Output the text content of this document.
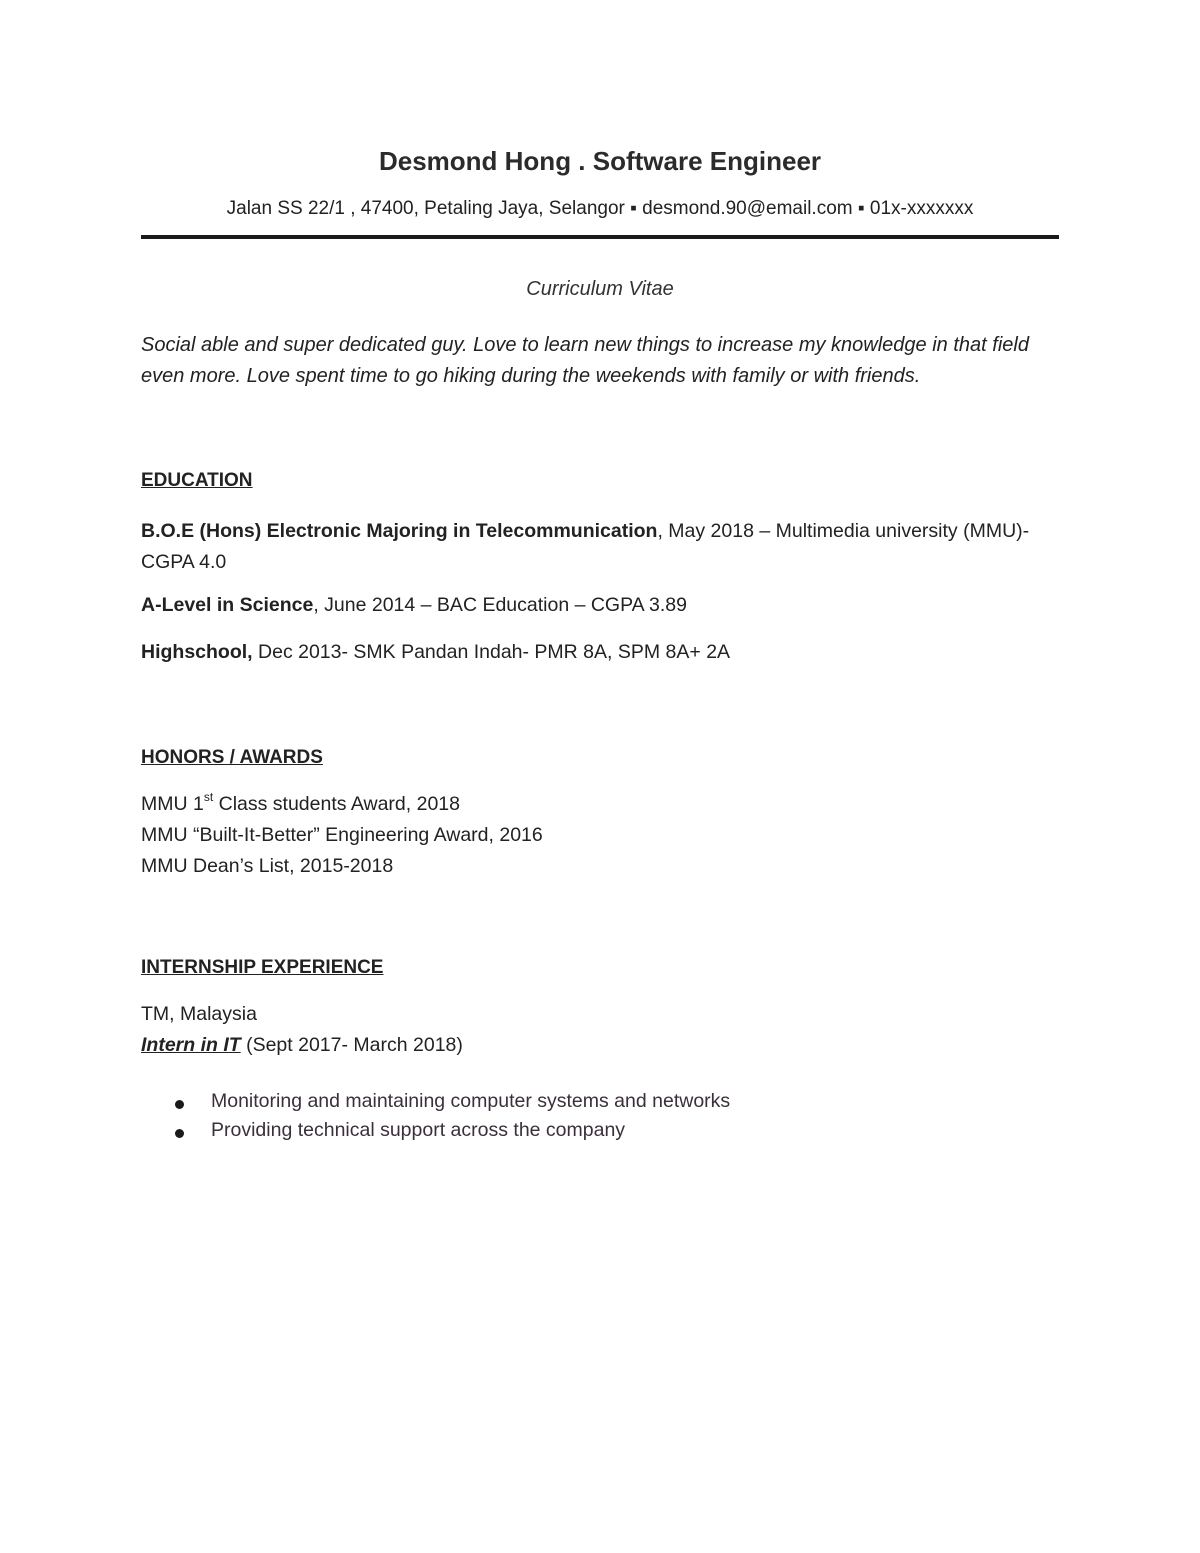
Desmond Hong . Software Engineer
Jalan SS 22/1 , 47400, Petaling Jaya, Selangor ▪ desmond.90@email.com ▪ 01x-xxxxxxx
Curriculum Vitae
Social able and super dedicated guy. Love to learn new things to increase my knowledge in that field even more. Love spent time to go hiking during the weekends with family or with friends.
EDUCATION
B.O.E (Hons) Electronic Majoring in Telecommunication, May 2018 – Multimedia university (MMU)-CGPA 4.0
A-Level in Science, June 2014 – BAC Education – CGPA 3.89
Highschool, Dec 2013- SMK Pandan Indah- PMR 8A, SPM 8A+ 2A
HONORS / AWARDS
MMU 1st Class students Award, 2018
MMU “Built-It-Better” Engineering Award, 2016
MMU Dean’s List, 2015-2018
INTERNSHIP EXPERIENCE
TM, Malaysia
Intern in IT (Sept 2017- March 2018)
Monitoring and maintaining computer systems and networks
Providing technical support across the company
